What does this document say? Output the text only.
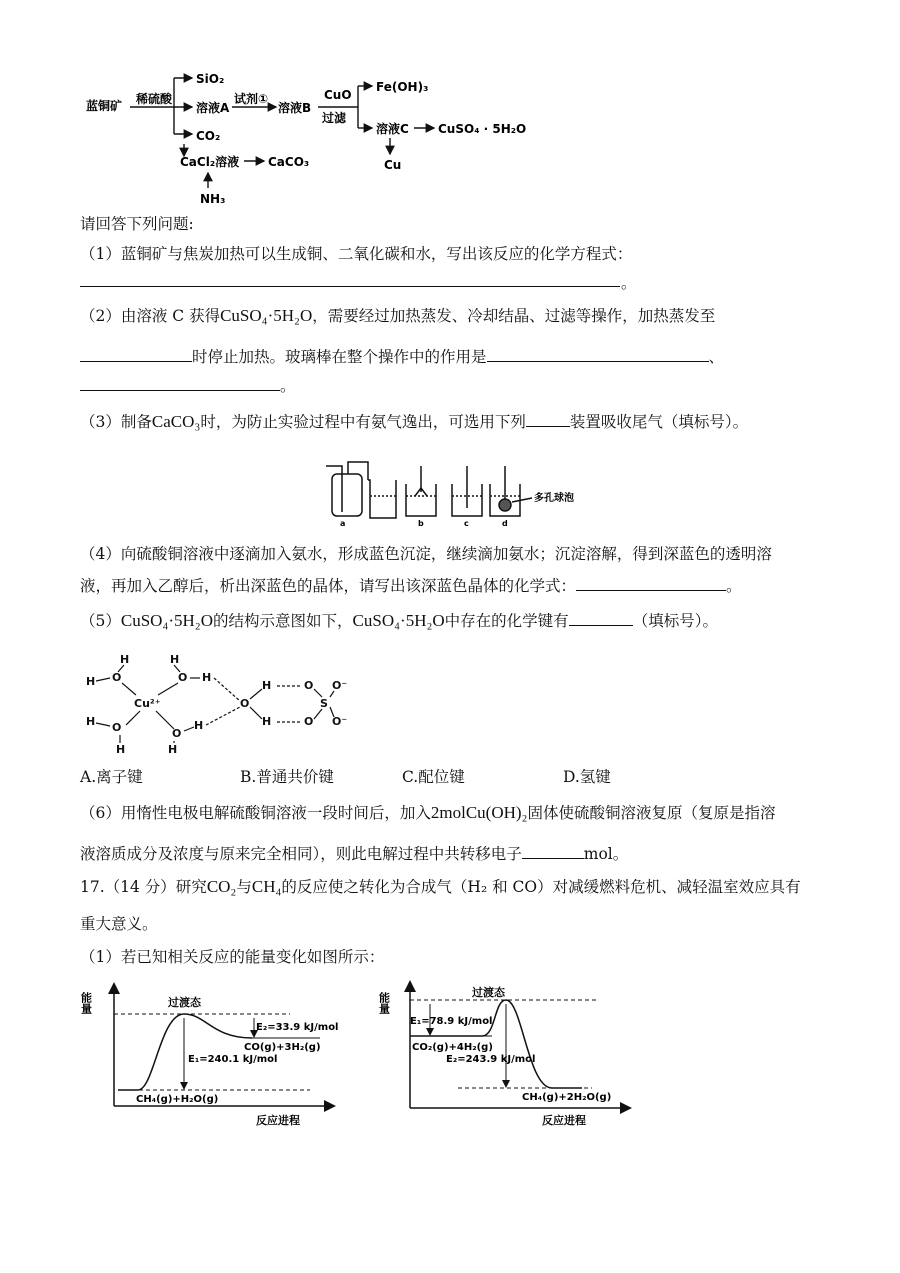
蓝铜矿 稀硫酸
SiO₂
溶液A
试剂①
溶液B
CuO
过滤
Fe(OH)₃
溶液C CuSO₄ · 5H₂O
Cu
CO₂
CaCl₂溶液 CaCO₃
NH₃
请回答下列问题:
（1）蓝铜矿与焦炭加热可以生成铜、二氧化碳和水，写出该反应的化学方程式：
。
（2）由溶液 C 获得CuSO₄·5H₂O，需要经过加热蒸发、冷却结晶、过滤等操作，加热蒸发至
时停止加热。玻璃棒在整个操作中的作用是	、
。
（3）制备CaCO₃时，为防止实验过程中有氨气逸出，可选用下列	装置吸收尾气（填标号）。
a	b	c	d
多孔球泡
（4）向硫酸铜溶液中逐滴加入氨水，形成蓝色沉淀，继续滴加氨水；沉淀溶解，得到深蓝色的透明溶
液，再加入乙醇后，析出深蓝色的晶体，请写出该深蓝色晶体的化学式：	。
（5）CuSO₄·5H₂O的结构示意图如下，CuSO₄·5H₂O中存在的化学键有	（填标号）。
H
H O
H
O H
Cu²⁺
H O
H
O
H
H
O
H
H
O
O
S
O⁻
O⁻
A.离子键	B.普通共价键	C.配位键	D.氢键
（6）用惰性电极电解硫酸铜溶液一段时间后，加入2molCu(OH)₂固体使硫酸铜溶液复原（复原是指溶
液溶质成分及浓度与原来完全相同），则此电解过程中共转移电子	mol。
17.（14 分）研究CO₂与CH₄的反应使之转化为合成气（H₂ 和 CO）对减缓燃料危机、减轻温室效应具有
重大意义。
（1）若已知相关反应的能量变化如图所示：
能量	过渡态
E₂=33.9 kJ/mol
CO(g)+3H₂(g)
E₁=240.1 kJ/mol
CH₄(g)+H₂O(g)
反应进程
能量	过渡态
E₁=78.9 kJ/mol
CO₂(g)+4H₂(g)
E₂=243.9 kJ/mol
CH₄(g)+2H₂O(g)
反应进程
